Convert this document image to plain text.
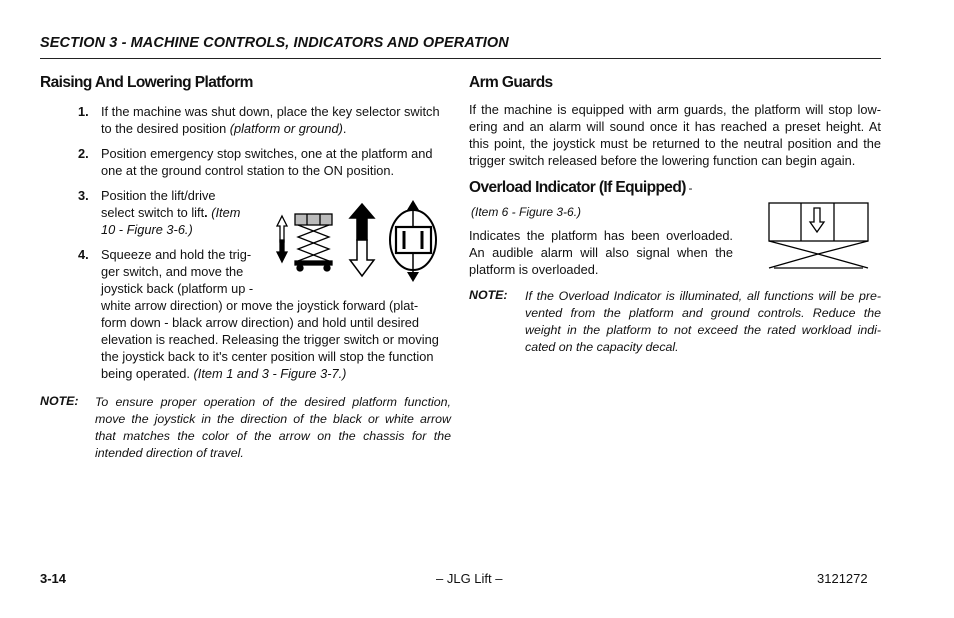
SECTION 3 - MACHINE CONTROLS, INDICATORS AND OPERATION
Raising And Lowering Platform
1. If the machine was shut down, place the key selector switch
to the desired position (platform or ground).
2. Position emergency stop switches, one at the platform and
one at the ground control station to the ON position.
3. Position the lift/drive
select switch to lift. (Item
10 - Figure 3-6.)
4. Squeeze and hold the trig-
ger switch, and move the
joystick back (platform up -
white arrow direction) or move the joystick forward (plat-
form down - black arrow direction) and hold until desired
elevation is reached. Releasing the trigger switch or moving
the joystick back to it's center position will stop the function
being operated. (Item 1 and 3 - Figure 3-7.)
NOTE: To ensure proper operation of the desired platform function,
move the joystick in the direction of the black or white arrow
that matches the color of the arrow on the chassis for the
intended direction of travel.
Arm Guards
If the machine is equipped with arm guards, the platform will stop low-
ering and an alarm will sound once it has reached a preset height. At
this point, the joystick must be returned to the neutral position and the
trigger switch released before the lowering function can begin again.
Overload Indicator (If Equipped) -
(Item 6 - Figure 3-6.)
Indicates the platform has been overloaded.
An audible alarm will also signal when the
platform is overloaded.
NOTE: If the Overload Indicator is illuminated, all functions will be pre-
vented from the platform and ground controls. Reduce the
weight in the platform to not exceed the rated workload indi-
cated on the capacity decal.
3-14	– JLG Lift –	3121272
